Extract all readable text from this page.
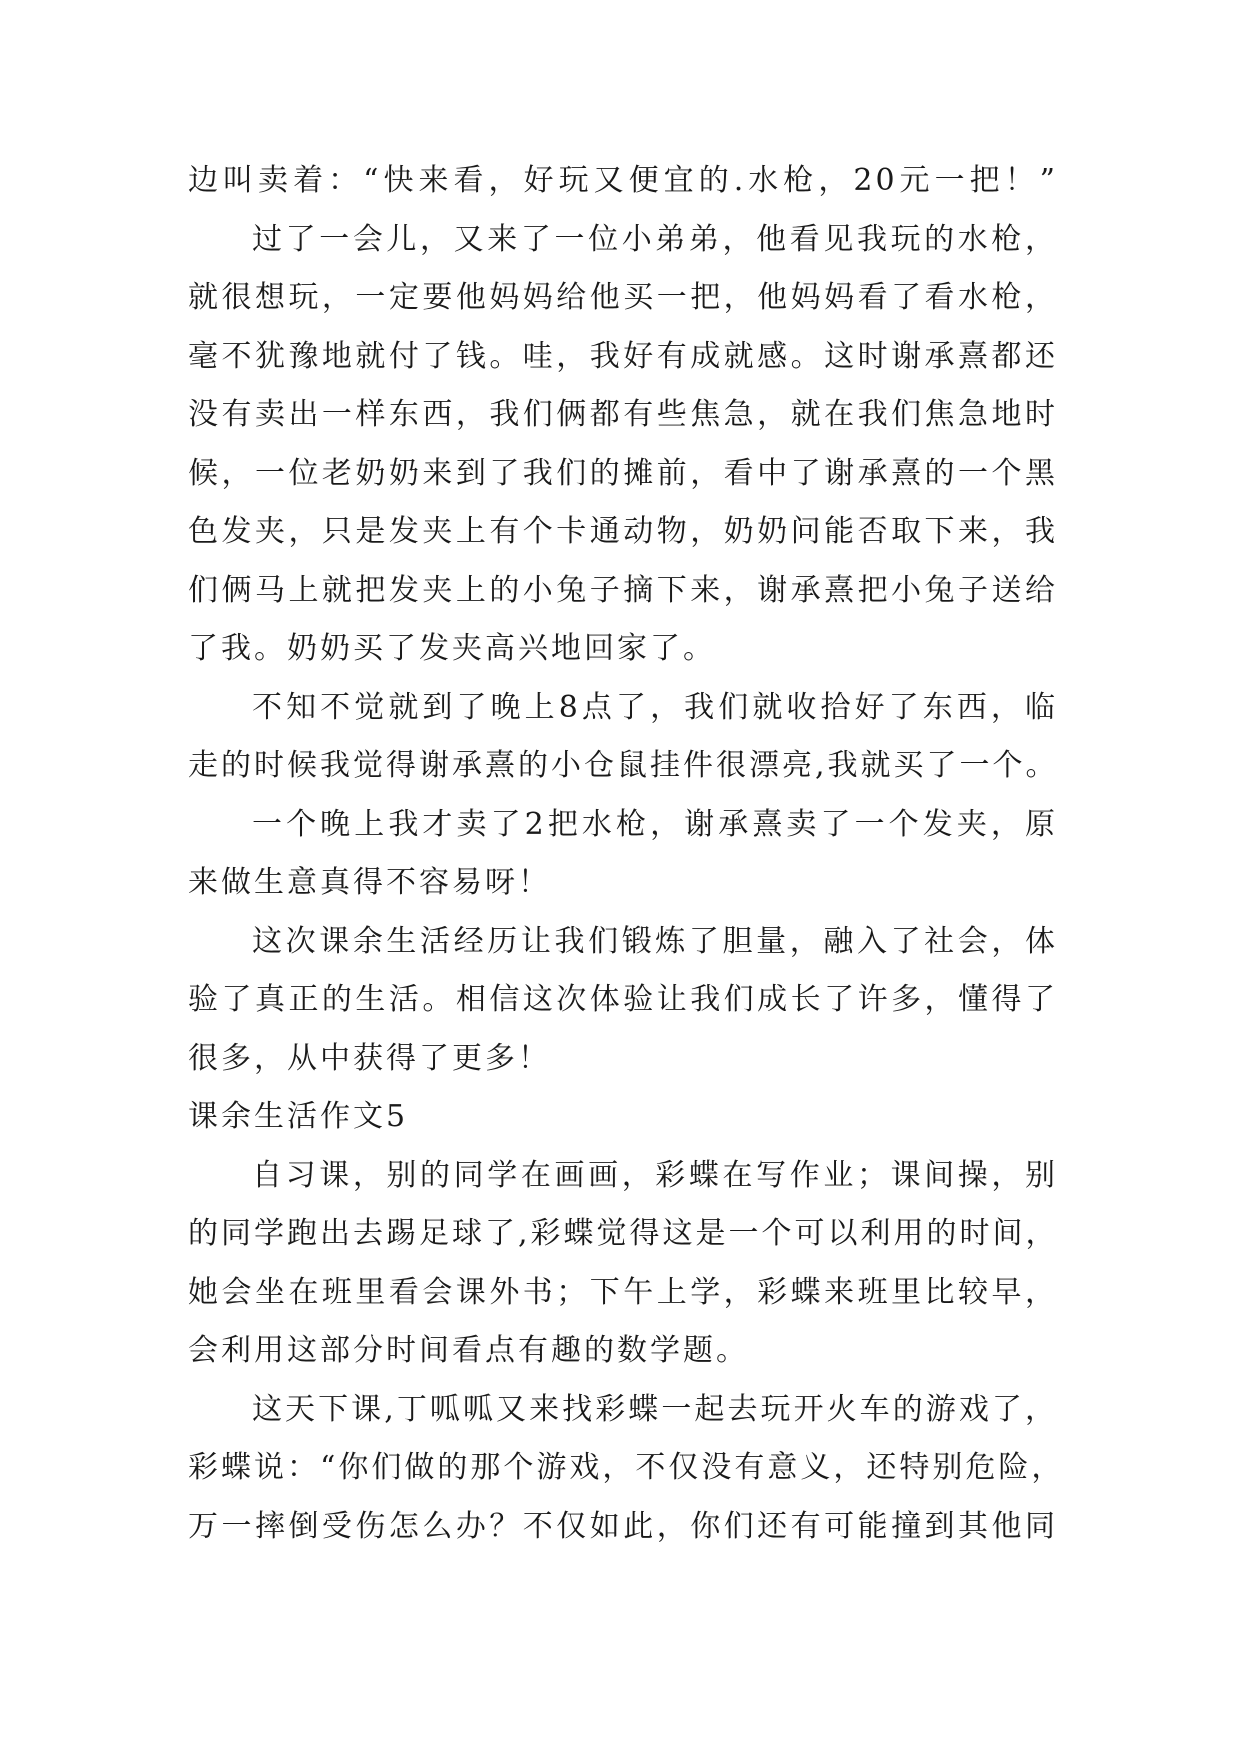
边叫卖着：“快来看，好玩又便宜的.水枪，20元一把！”
过了一会儿，又来了一位小弟弟，他看见我玩的水枪，
就很想玩，一定要他妈妈给他买一把，他妈妈看了看水枪，
毫不犹豫地就付了钱。哇，我好有成就感。这时谢承熹都还
没有卖出一样东西，我们俩都有些焦急，就在我们焦急地时
候，一位老奶奶来到了我们的摊前，看中了谢承熹的一个黑
色发夹，只是发夹上有个卡通动物，奶奶问能否取下来，我
们俩马上就把发夹上的小兔子摘下来，谢承熹把小兔子送给
了我。奶奶买了发夹高兴地回家了。
不知不觉就到了晚上8点了，我们就收拾好了东西，临
走的时候我觉得谢承熹的小仓鼠挂件很漂亮,我就买了一个。
一个晚上我才卖了2把水枪，谢承熹卖了一个发夹，原
来做生意真得不容易呀！
这次课余生活经历让我们锻炼了胆量，融入了社会，体
验了真正的生活。相信这次体验让我们成长了许多，懂得了
很多，从中获得了更多！
课余生活作文5
自习课，别的同学在画画，彩蝶在写作业；课间操，别
的同学跑出去踢足球了,彩蝶觉得这是一个可以利用的时间，
她会坐在班里看会课外书；下午上学，彩蝶来班里比较早，
会利用这部分时间看点有趣的数学题。
这天下课,丁呱呱又来找彩蝶一起去玩开火车的游戏了，
彩蝶说：“你们做的那个游戏，不仅没有意义，还特别危险，
万一摔倒受伤怎么办？不仅如此，你们还有可能撞到其他同
